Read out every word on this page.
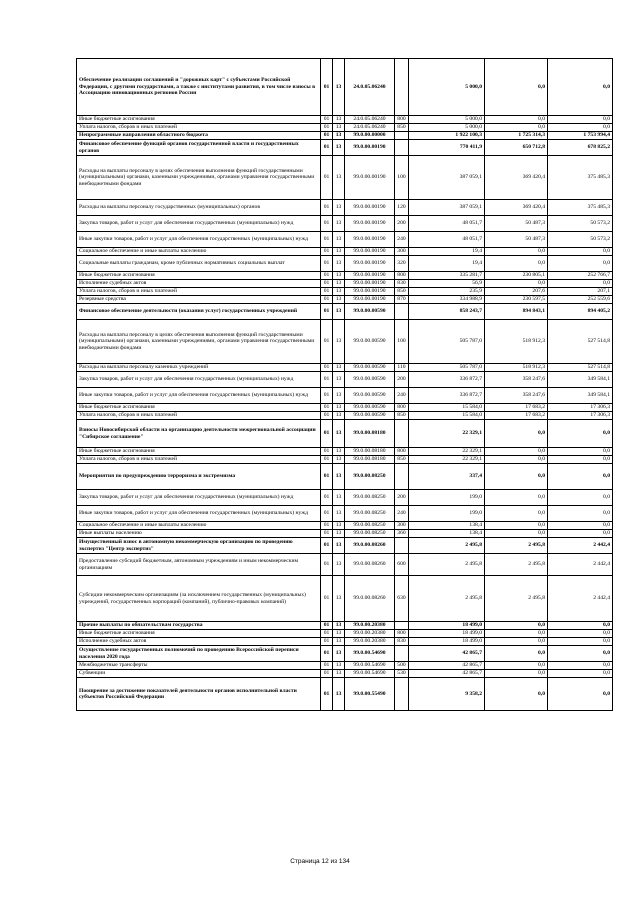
Обеспечение реализации соглашений и "дорожных карт" с субъектами Российской Федерации, с другими государствами, а также с институтами развития, в том числе взносы в Ассоциацию инновационных регионов России	01	13	24.0.05.06240		5 000,0	0,0	0,0
Иные бюджетные ассигнования	01	13	24.0.05.06240	800	5 000,0	0,0	0,0
Уплата налогов, сборов и иных платежей	01	13	24.0.05.06240	850	5 000,0	0,0	0,0
Непрограммные направления областного бюджета	01	13	99.0.00.00000		1 922 100,3	1 725 314,3	1 753 994,4
Финансовое обеспечение функций органов государственной власти и государственных органов	01	13	99.0.00.00190		770 411,9	650 712,8	678 825,2
Расходы на выплаты персоналу в целях обеспечения выполнения функций государственными (муниципальными) органами, казенными учреждениями, органами управления государственными внебюджетными фондами	01	13	99.0.00.00190	100	387 059,1	369 420,4	375 485,3
Расходы на выплаты персоналу государственных (муниципальных) органов	01	13	99.0.00.00190	120	387 059,1	369 420,4	375 485,3
Закупка товаров, работ и услуг для обеспечения государственных (муниципальных) нужд	01	13	99.0.00.00190	200	48 051,7	50 487,3	50 573,2
Иные закупки товаров, работ и услуг для обеспечения государственных (муниципальных) нужд	01	13	99.0.00.00190	240	48 051,7	50 487,3	50 573,2
Социальное обеспечение и иные выплаты населению	01	13	99.0.00.00190	300	19,4	0,0	0,0
Социальные выплаты гражданам, кроме публичных нормативных социальных выплат	01	13	99.0.00.00190	320	19,4	0,0	0,0
Иные бюджетные ассигнования	01	13	99.0.00.00190	800	335 281,7	230 805,1	252 766,7
Исполнение судебных актов	01	13	99.0.00.00190	830	56,9	0,0	0,0
Уплата налогов, сборов и иных платежей	01	13	99.0.00.00190	850	235,9	207,6	207,1
Резервные средства	01	13	99.0.00.00190	870	334 988,9	230 597,5	252 559,6
Финансовое обеспечение деятельности (оказания услуг) государственных учреждений	01	13	99.0.00.00590		858 243,7	894 843,1	894 405,2
Расходы на выплаты персоналу в целях обеспечения выполнения функций государственными (муниципальными) органами, казенными учреждениями, органами управления государственными внебюджетными фондами	01	13	99.0.00.00590	100	505 787,0	518 912,3	527 514,8
Расходы на выплаты персоналу казенных учреждений	01	13	99.0.00.00590	110	505 787,0	518 912,3	527 514,8
Закупка товаров, работ и услуг для обеспечения государственных (муниципальных) нужд	01	13	99.0.00.00590	200	336 872,7	358 247,6	349 584,1
Иные закупки товаров, работ и услуг для обеспечения государственных (муниципальных) нужд	01	13	99.0.00.00590	240	336 872,7	358 247,6	349 584,1
Иные бюджетные ассигнования	01	13	99.0.00.00590	800	15 584,0	17 683,2	17 306,3
Уплата налогов, сборов и иных платежей	01	13	99.0.00.00590	850	15 584,0	17 683,2	17 306,3
Взносы Новосибирской области на организацию деятельности межрегиональной ассоциации "Сибирское соглашение"	01	13	99.0.00.08180		22 329,1	0,0	0,0
Иные бюджетные ассигнования	01	13	99.0.00.08180	800	22 329,1	0,0	0,0
Уплата налогов, сборов и иных платежей	01	13	99.0.00.08180	850	22 329,1	0,0	0,0
Мероприятия по предупреждению терроризма и экстремизма	01	13	99.0.00.08250		337,4	0,0	0,0
Закупка товаров, работ и услуг для обеспечения государственных (муниципальных) нужд	01	13	99.0.00.08250	200	199,0	0,0	0,0
Иные закупки товаров, работ и услуг для обеспечения государственных (муниципальных) нужд	01	13	99.0.00.08250	240	199,0	0,0	0,0
Социальное обеспечение и иные выплаты населению	01	13	99.0.00.08250	300	138,4	0,0	0,0
Иные выплаты населению	01	13	99.0.00.08250	360	138,4	0,0	0,0
Имущественный взнос в автономную некоммерческую организацию по проведению экспертиз "Центр экспертиз"	01	13	99.0.00.08260		2 495,8	2 495,8	2 442,4
Предоставление субсидий бюджетным, автономным учреждениям и иным некоммерческим организациям	01	13	99.0.00.08260	600	2 495,8	2 495,8	2 442,4
Субсидии некоммерческим организациям (за исключением государственных (муниципальных) учреждений, государственных корпораций (компаний), публично-правовых компаний)	01	13	99.0.00.08260	630	2 495,8	2 495,8	2 442,4
Прочие выплаты по обязательствам государства	01	13	99.0.00.20380		18 499,0	0,0	0,0
Иные бюджетные ассигнования	01	13	99.0.00.20380	800	18 499,0	0,0	0,0
Исполнение судебных актов	01	13	99.0.00.20380	830	18 499,0	0,0	0,0
Осуществление государственных полномочий по проведению Всероссийской переписи населения 2020 года	01	13	99.0.00.54690		42 865,7	0,0	0,0
Межбюджетные трансферты	01	13	99.0.00.54690	500	42 865,7	0,0	0,0
Субвенции	01	13	99.0.00.54690	530	42 865,7	0,0	0,0
Поощрение за достижение показателей деятельности органов исполнительной власти субъектов Российской Федерации	01	13	99.0.00.55490		9 358,2	0,0	0,0
Страница 12 из 134
